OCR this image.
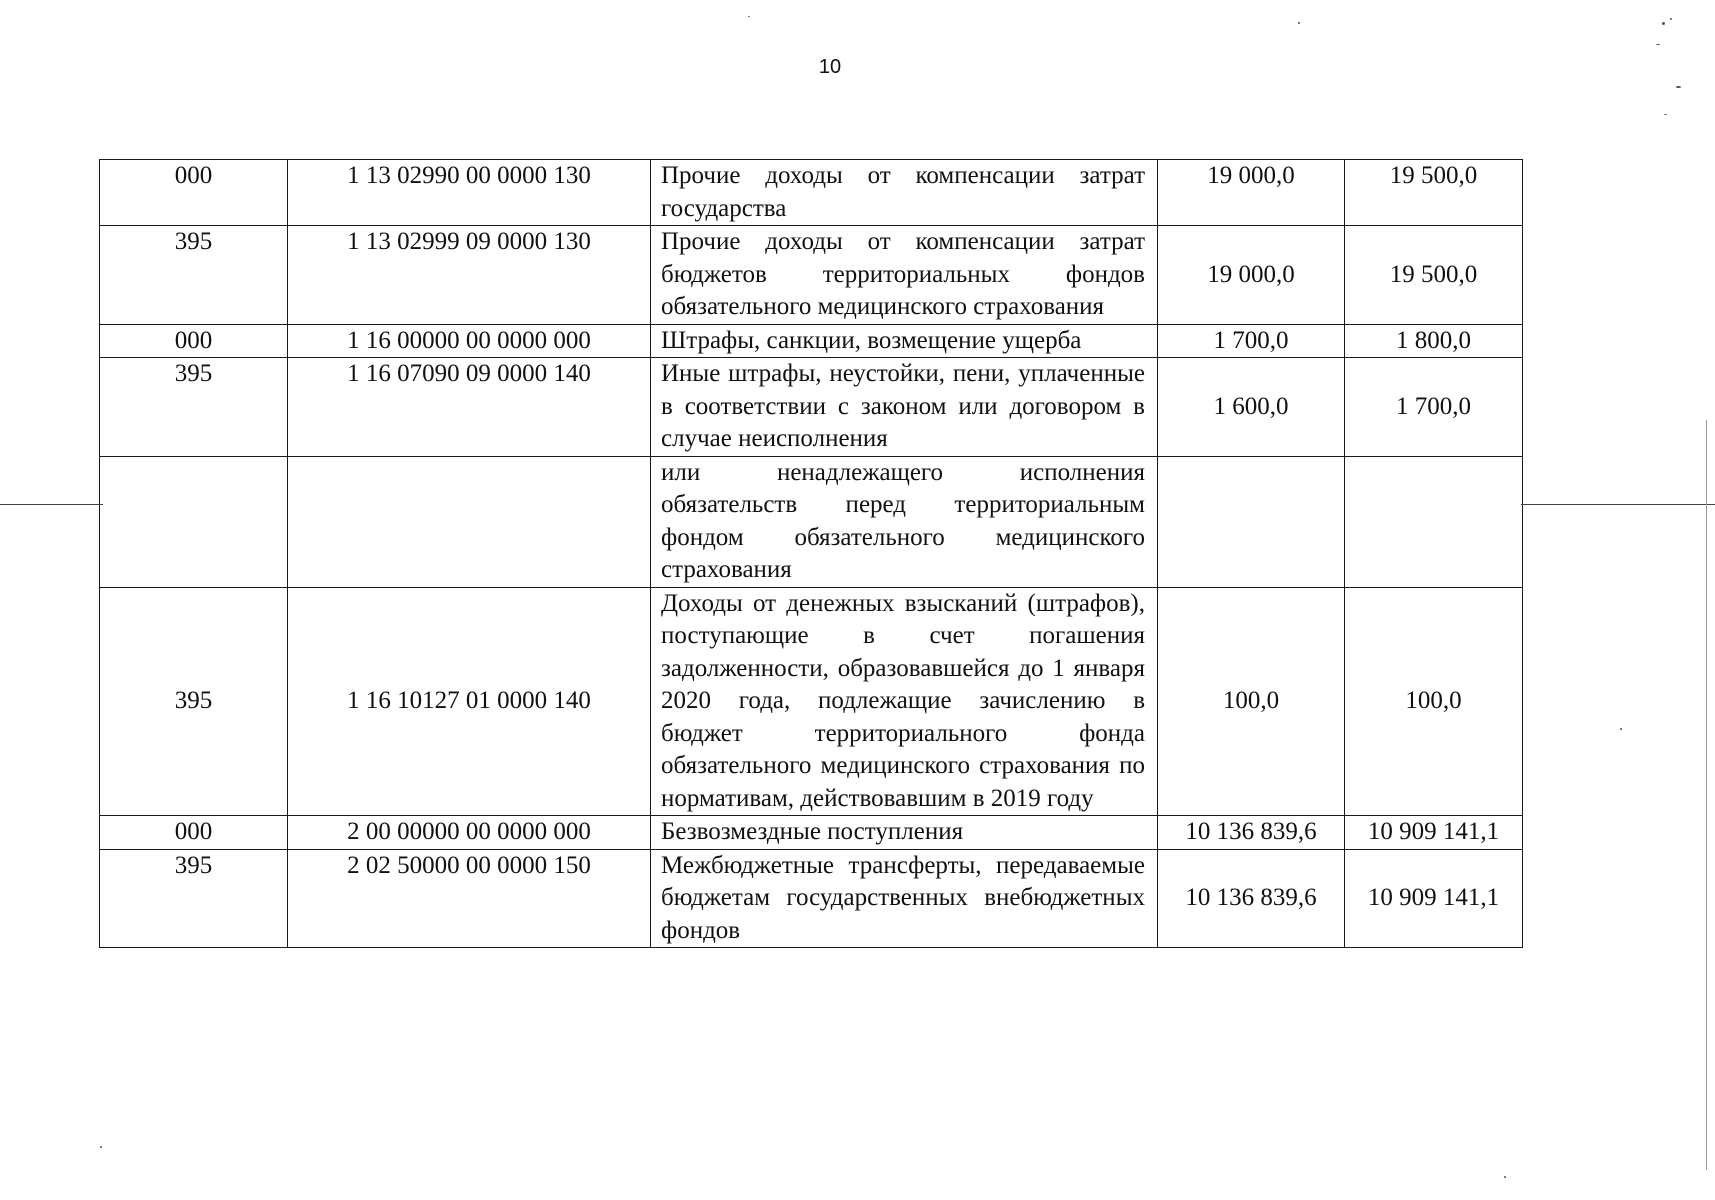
10
000	1 13 02990 00 0000 130	Прочие доходы от компенсации затрат государства	19 000,0	19 500,0
395	1 13 02999 09 0000 130	Прочие доходы от компенсации затрат бюджетов территориальных фондов обязательного медицинского страхования	19 000,0	19 500,0
000	1 16 00000 00 0000 000	Штрафы, санкции, возмещение ущерба	1 700,0	1 800,0
395	1 16 07090 09 0000 140	Иные штрафы, неустойки, пени, уплаченные в соответствии с законом или договором в случае неисполнения	1 600,0	1 700,0
		или ненадлежащего исполнения обязательств перед территориальным фондом обязательного медицинского страхования		
395	1 16 10127 01 0000 140	Доходы от денежных взысканий (штрафов), поступающие в счет погашения задолженности, образовавшейся до 1 января 2020 года, подлежащие зачислению в бюджет территориального фонда обязательного медицинского страхования по нормативам, действовавшим в 2019 году	100,0	100,0
000	2 00 00000 00 0000 000	Безвозмездные поступления	10 136 839,6	10 909 141,1
395	2 02 50000 00 0000 150	Межбюджетные трансферты, передаваемые бюджетам государственных внебюджетных фондов	10 136 839,6	10 909 141,1
